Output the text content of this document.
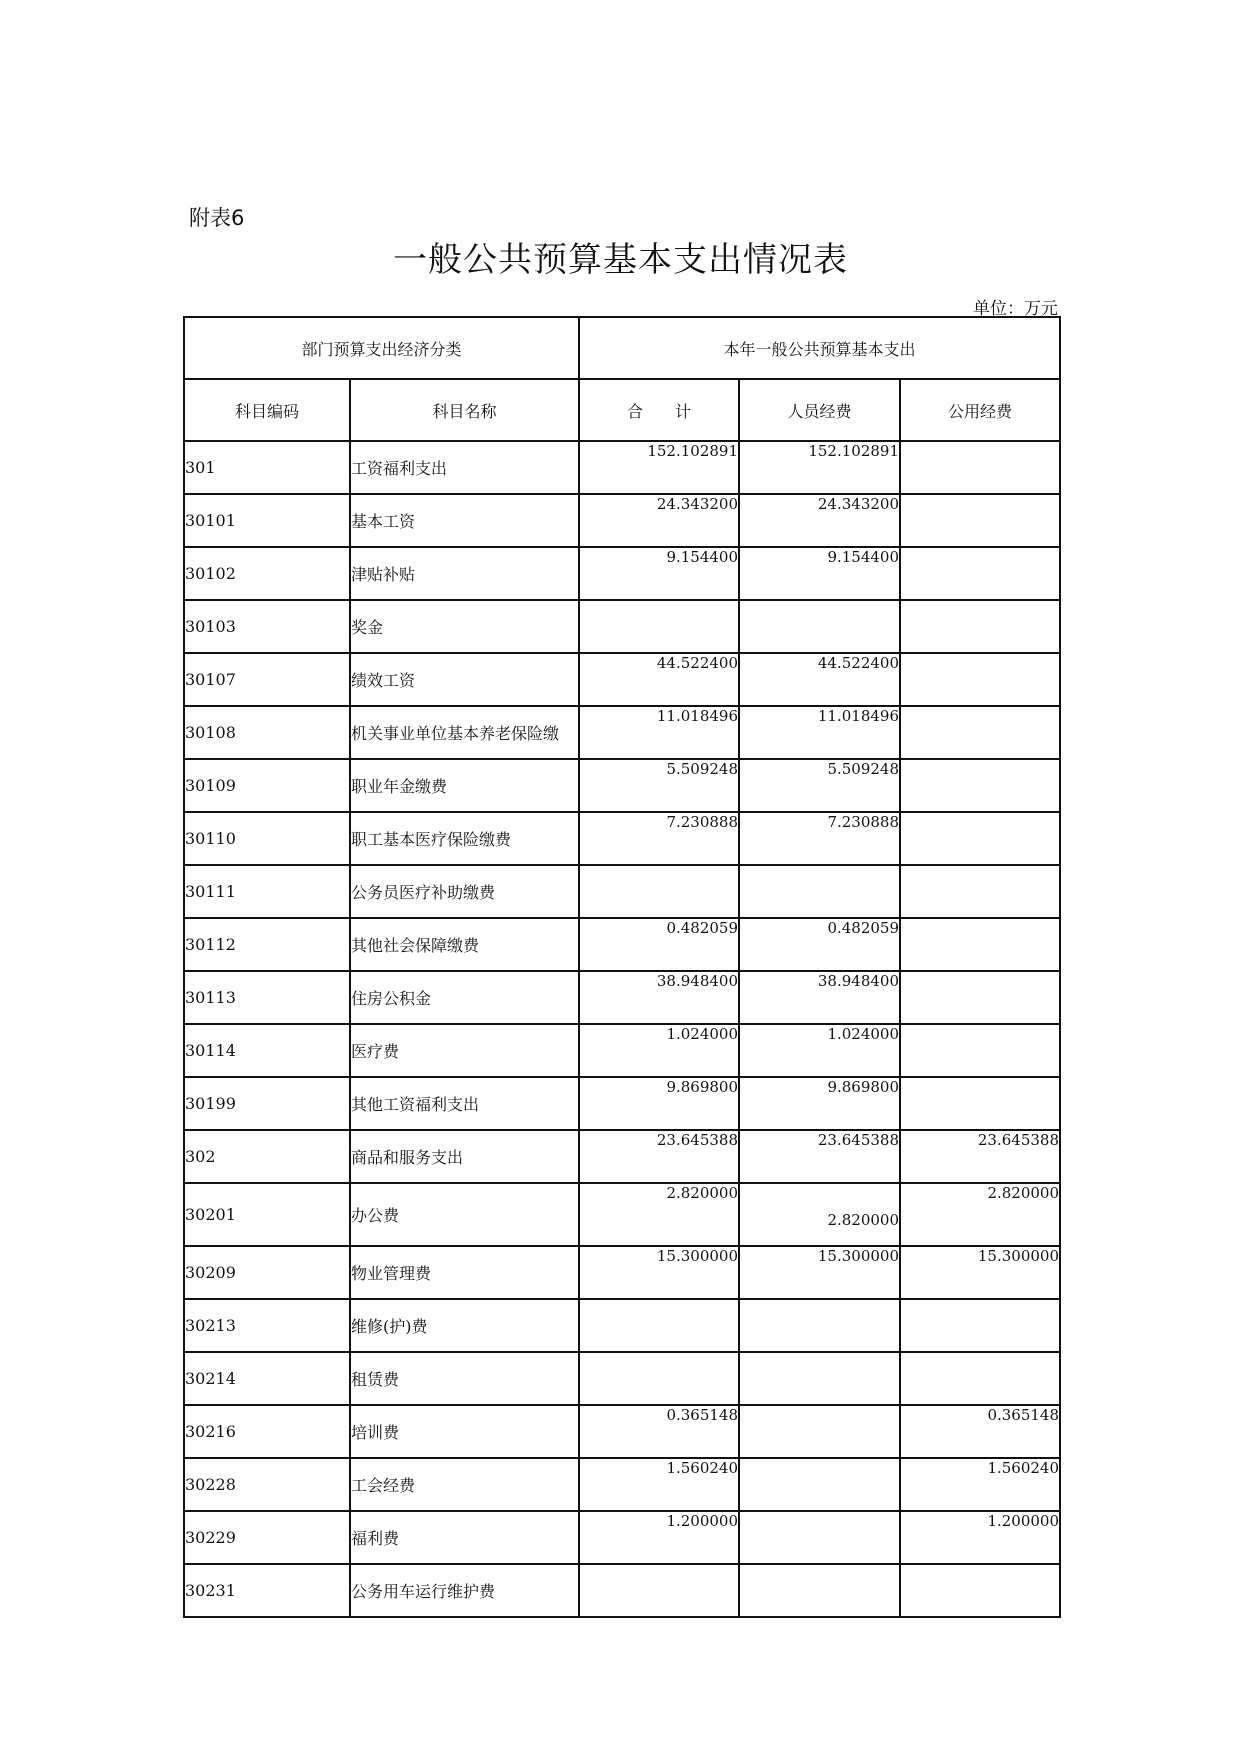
附表6
一般公共预算基本支出情况表
单位：万元
部门预算支出经济分类		本年一般公共预算基本支出		
科目编码	科目名称	合　　计	人员经费	公用经费
301	工资福利支出	152.102891	152.102891	
30101	基本工资	24.343200	24.343200	
30102	津贴补贴	9.154400	9.154400	
30103	奖金			

30107	绩效工资	44.522400	44.522400	
30108	机关事业单位基本养老保险缴	11.018496	11.018496	
30109	职业年金缴费	5.509248	5.509248	
30110	职工基本医疗保险缴费	7.230888	7.230888	
30111	公务员医疗补助缴费			

30112	其他社会保障缴费	0.482059	0.482059	
30113	住房公积金	38.948400	38.948400	
30114	医疗费	1.024000	1.024000	
30199	其他工资福利支出	9.869800	9.869800	
302	商品和服务支出	23.645388	23.645388	23.645388
30201	办公费	2.820000	2.820000	2.820000
30209	物业管理费	15.300000	15.300000	15.300000
30213	维修(护)费			

30214	租赁费			

30216	培训费	0.365148		0.365148
30228	工会经费	1.560240		1.560240
30229	福利费	1.200000		1.200000
30231	公务用车运行维护费			
